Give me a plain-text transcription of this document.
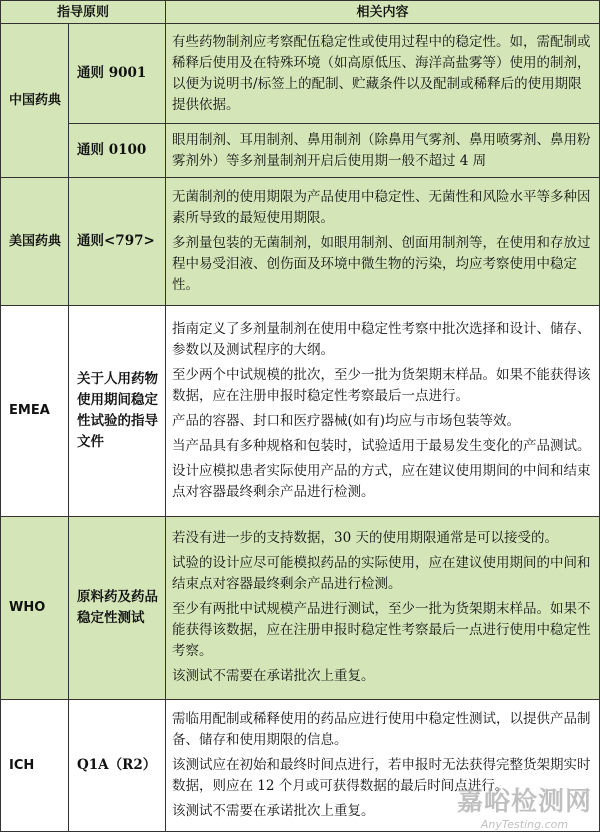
指导原则		相关内容
中国药典	通则 9001	有些药物制剂应考察配伍稳定性或使用过程中的稳定性。如，需配制或稀释后使用及在特殊环境（如高原低压、海洋高盐雾等）使用的制剂，以便为说明书/标签上的配制、贮藏条件以及配制或稀释后的使用期限提供依据。

	通则 0100	眼用制剂、耳用制剂、鼻用制剂（除鼻用气雾剂、鼻用喷雾剂、鼻用粉雾剂外）等多剂量制剂开启后使用期一般不超过 4 周

美国药典	通则<797>	无菌制剂的使用期限为产品使用中稳定性、无菌性和风险水平等多种因素所导致的最短使用期限。

多剂量包装的无菌制剂，如眼用制剂、创面用制剂等，在使用和存放过程中易受泪液、创伤面及环境中微生物的污染，均应考察使用中稳定性。

EMEA	关于人用药物使用期间稳定性试验的指导文件	指南定义了多剂量制剂在使用中稳定性考察中批次选择和设计、储存、参数以及测试程序的大纲。

至少两个中试规模的批次，至少一批为货架期末样品。如果不能获得该数据，应在注册申报时稳定性考察最后一点进行。

产品的容器、封口和医疗器械(如有)均应与市场包装等效。

当产品具有多种规格和包装时，试验适用于最易发生变化的产品测试。

设计应模拟患者实际使用产品的方式，应在建议使用期间的中间和结束点对容器最终剩余产品进行检测。

WHO	原料药及药品稳定性测试	若没有进一步的支持数据，30 天的使用期限通常是可以接受的。

试验的设计应尽可能模拟药品的实际使用，应在建议使用期间的中间和结束点对容器最终剩余产品进行检测。

至少有两批中试规模产品进行测试，至少一批为货架期末样品。如果不能获得该数据，应在注册申报时稳定性考察最后一点进行使用中稳定性考察。

该测试不需要在承诺批次上重复。

ICH	Q1A（R2）	需临用配制或稀释使用的药品应进行使用中稳定性测试，以提供产品制备、储存和使用期限的信息。

该测试应在初始和最终时间点进行，若申报时无法获得完整货架期实时数据，则应在 12 个月或可获得数据的最后时间点进行。

该测试不需要在承诺批次上重复。	嘉峪检测网
AnyTesting.com
